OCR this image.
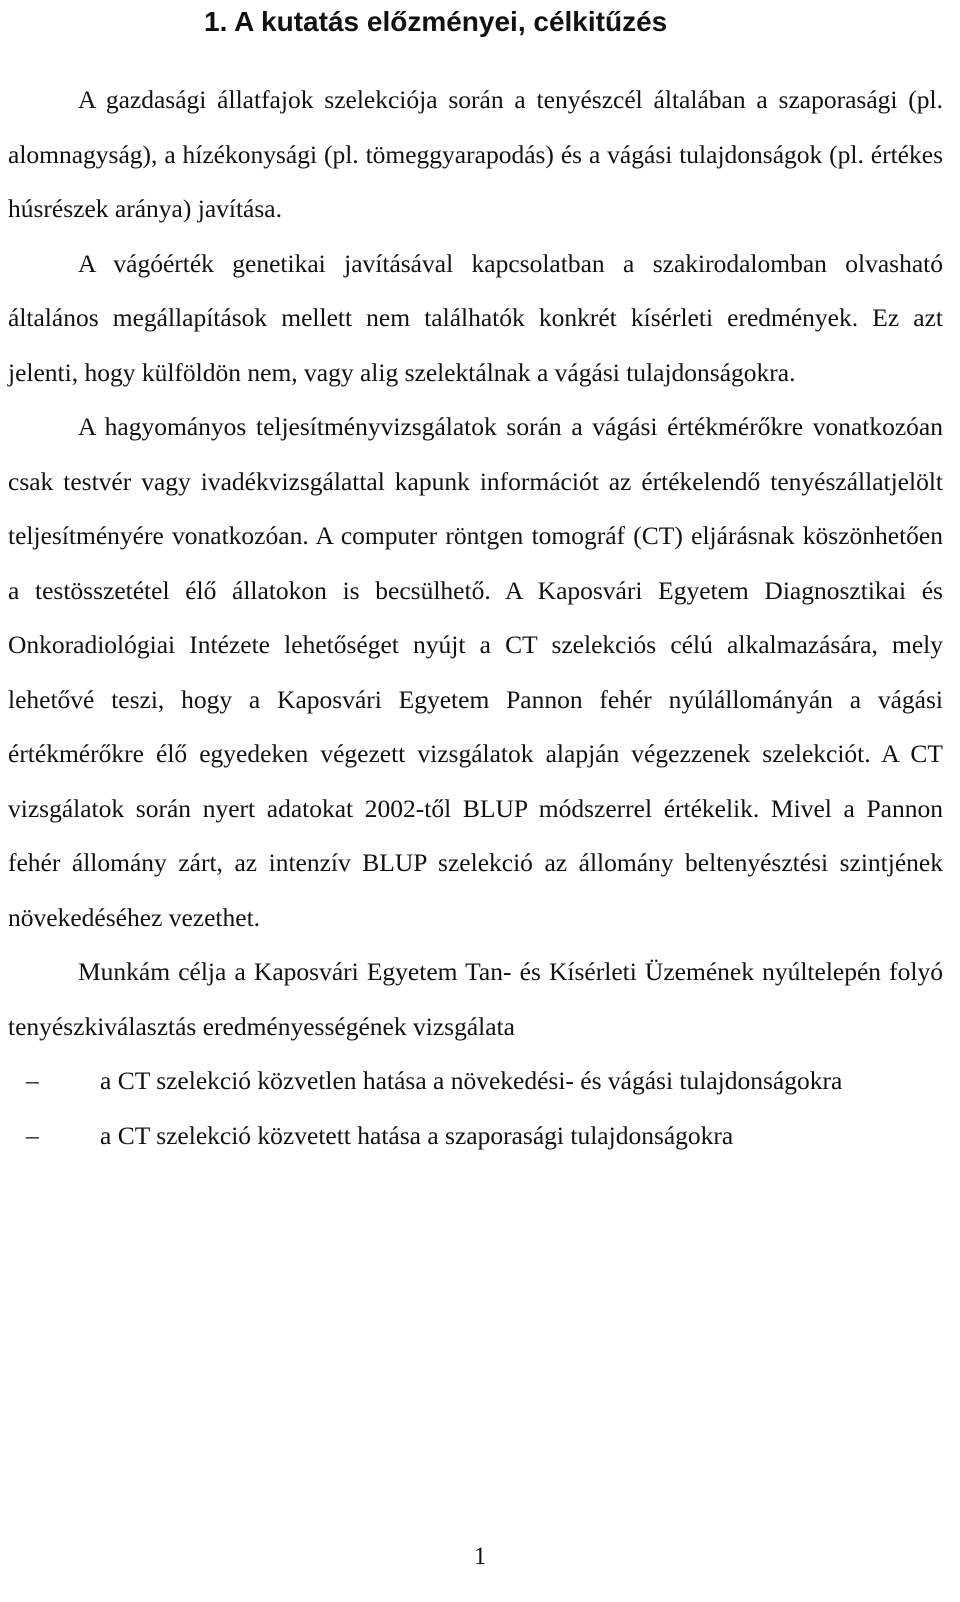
1. A kutatás előzményei, célkitűzés

A gazdasági állatfajok szelekciója során a tenyészcél általában a szaporasági (pl. alomnagyság), a hízékonysági (pl. tömeggyarapodás) és a vágási tulajdonságok (pl. értékes húsrészek aránya) javítása.

A vágóérték genetikai javításával kapcsolatban a szakirodalomban olvasható általános megállapítások mellett nem találhatók konkrét kísérleti eredmények. Ez azt jelenti, hogy külföldön nem, vagy alig szelektálnak a vágási tulajdonságokra.

A hagyományos teljesítményvizsgálatok során a vágási értékmérőkre vonatkozóan csak testvér vagy ivadékvizsgálattal kapunk információt az értékelendő tenyészállatjelölt teljesítményére vonatkozóan. A computer röntgen tomográf (CT) eljárásnak köszönhetően a testösszetétel élő állatokon is becsülhető. A Kaposvári Egyetem Diagnosztikai és Onkoradiológiai Intézete lehetőséget nyújt a CT szelekciós célú alkalmazására, mely lehetővé teszi, hogy a Kaposvári Egyetem Pannon fehér nyúlállományán a vágási értékmérőkre élő egyedeken végezett vizsgálatok alapján végezzenek szelekciót. A CT vizsgálatok során nyert adatokat 2002-től BLUP módszerrel értékelik. Mivel a Pannon fehér állomány zárt, az intenzív BLUP szelekció az állomány beltenyésztési szintjének növekedéséhez vezethet.

Munkám célja a Kaposvári Egyetem Tan- és Kísérleti Üzemének nyúltelepén folyó tenyészkiválasztás eredményességének vizsgálata

–	a CT szelekció közvetlen hatása a növekedési- és vágási tulajdonságokra
–	a CT szelekció közvetett hatása a szaporasági tulajdonságokra
1
